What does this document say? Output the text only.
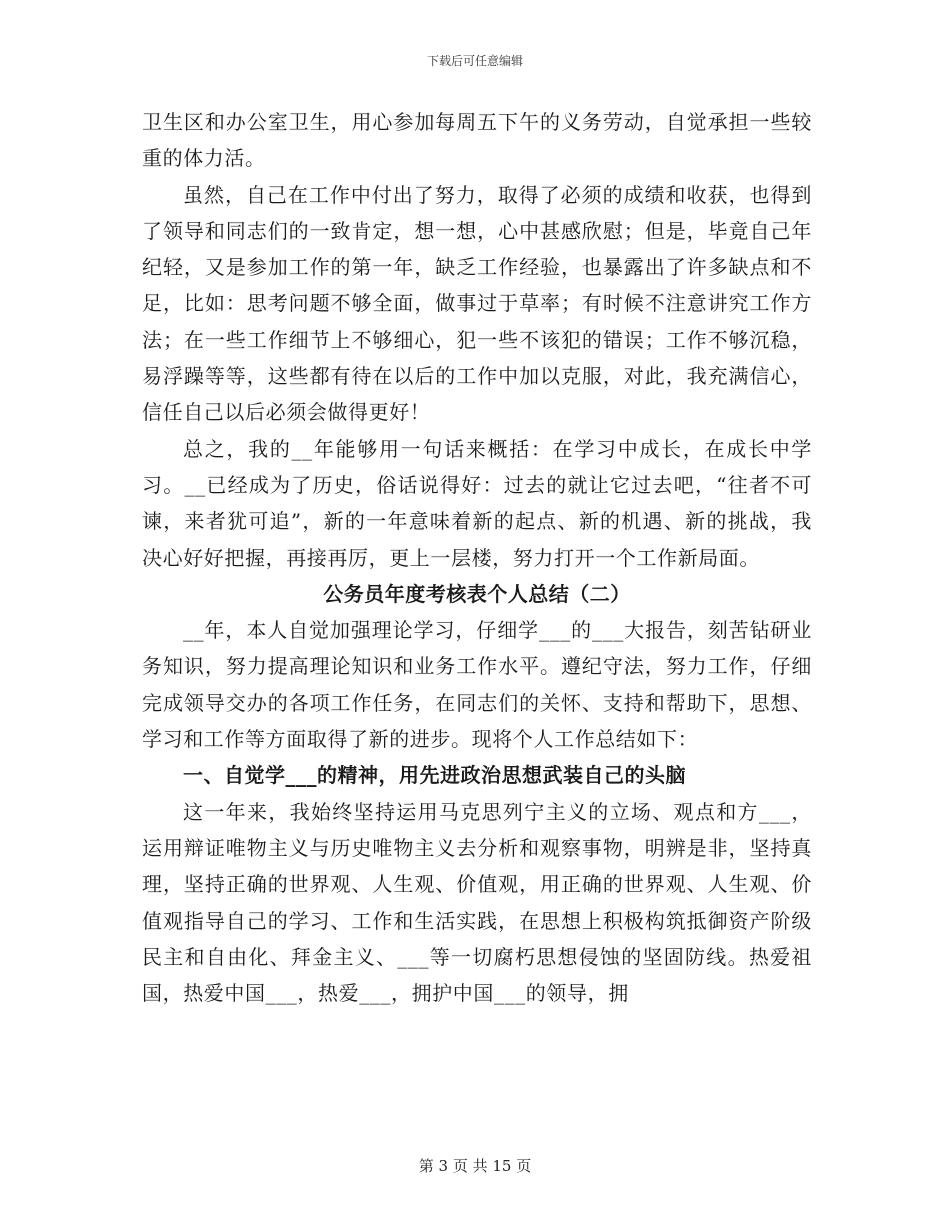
下载后可任意编辑

卫生区和办公室卫生，用心参加每周五下午的义务劳动，自觉承担一些较重的体力活。

虽然，自己在工作中付出了努力，取得了必须的成绩和收获，也得到了领导和同志们的一致肯定，想一想，心中甚感欣慰；但是，毕竟自己年纪轻，又是参加工作的第一年，缺乏工作经验，也暴露出了许多缺点和不足，比如：思考问题不够全面，做事过于草率；有时候不注意讲究工作方法；在一些工作细节上不够细心，犯一些不该犯的错误；工作不够沉稳，易浮躁等等，这些都有待在以后的工作中加以克服，对此，我充满信心，信任自己以后必须会做得更好！

总之，我的__年能够用一句话来概括：在学习中成长，在成长中学习。__已经成为了历史，俗话说得好：过去的就让它过去吧，“往者不可谏，来者犹可追”，新的一年意味着新的起点、新的机遇、新的挑战，我决心好好把握，再接再厉，更上一层楼，努力打开一个工作新局面。

公务员年度考核表个人总结（二）

__年，本人自觉加强理论学习，仔细学___的___大报告，刻苦钻研业务知识，努力提高理论知识和业务工作水平。遵纪守法，努力工作，仔细完成领导交办的各项工作任务，在同志们的关怀、支持和帮助下，思想、学习和工作等方面取得了新的进步。现将个人工作总结如下：

一、自觉学___的精神，用先进政治思想武装自己的头脑

这一年来，我始终坚持运用马克思列宁主义的立场、观点和方___，运用辩证唯物主义与历史唯物主义去分析和观察事物，明辨是非，坚持真理，坚持正确的世界观、人生观、价值观，用正确的世界观、人生观、价值观指导自己的学习、工作和生活实践，在思想上积极构筑抵御资产阶级民主和自由化、拜金主义、___等一切腐朽思想侵蚀的坚固防线。热爱祖国，热爱中国___，热爱___，拥护中国___的领导，拥

第 3 页 共 15 页
